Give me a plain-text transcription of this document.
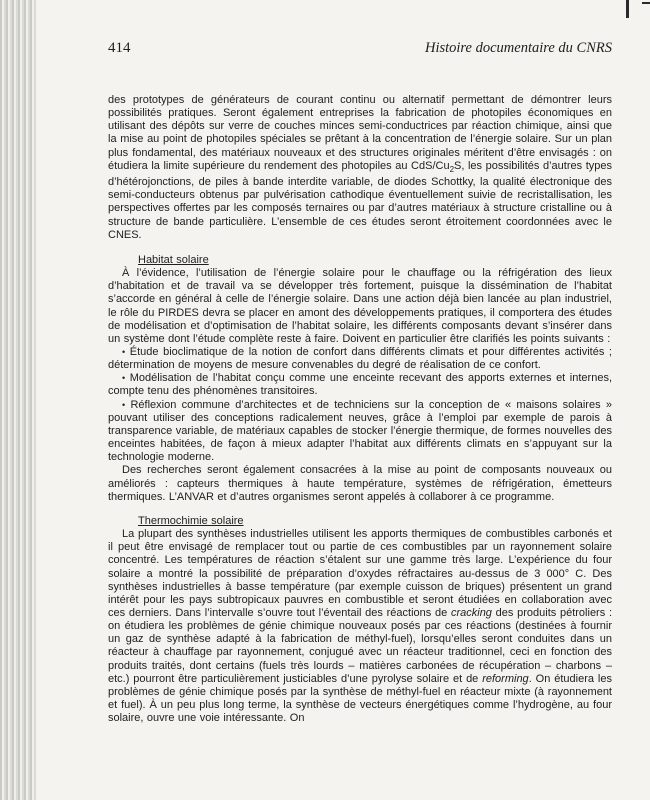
414	Histoire documentaire du CNRS

des prototypes de générateurs de courant continu ou alternatif permettant de démontrer leurs possibilités pratiques. Seront également entreprises la fabrication de photopiles économiques en utilisant des dépôts sur verre de couches minces semi-conductrices par réaction chimique, ainsi que la mise au point de photopiles spéciales se prêtant à la concentration de l’énergie solaire. Sur un plan plus fondamental, des matériaux nouveaux et des structures originales méritent d’être envisagés : on étudiera la limite supérieure du rendement des photopiles au CdS/$Cu_2S$, les possibilités d’autres types d’hétérojonctions, de piles à bande interdite variable, de diodes Schottky, la qualité électronique des semi-conducteurs obtenus par pulvérisation cathodique éventuellement suivie de recristallisation, les perspectives offertes par les composés ternaires ou par d’autres matériaux à structure cristalline ou à structure de bande particulière. L’ensemble de ces études seront étroitement coordonnées avec le CNES.

Habitat solaire

À l’évidence, l’utilisation de l’énergie solaire pour le chauffage ou la réfrigération des lieux d’habitation et de travail va se développer très fortement, puisque la dissémination de l’habitat s’accorde en général à celle de l’énergie solaire. Dans une action déjà bien lancée au plan industriel, le rôle du PIRDES devra se placer en amont des développements pratiques, il comportera des études de modélisation et d’optimisation de l’habitat solaire, les différents composants devant s’insérer dans un système dont l’étude complète reste à faire. Doivent en particulier être clarifiés les points suivants :

• Étude bioclimatique de la notion de confort dans différents climats et pour différentes activités ; détermination de moyens de mesure convenables du degré de réalisation de ce confort.

• Modélisation de l’habitat conçu comme une enceinte recevant des apports externes et internes, compte tenu des phénomènes transitoires.

• Réflexion commune d’architectes et de techniciens sur la conception de « maisons solaires » pouvant utiliser des conceptions radicalement neuves, grâce à l’emploi par exemple de parois à transparence variable, de matériaux capables de stocker l’énergie thermique, de formes nouvelles des enceintes habitées, de façon à mieux adapter l’habitat aux différents climats en s’appuyant sur la technologie moderne.

Des recherches seront également consacrées à la mise au point de composants nouveaux ou améliorés : capteurs thermiques à haute température, systèmes de réfrigération, émetteurs thermiques. L’ANVAR et d’autres organismes seront appelés à collaborer à ce programme.

Thermochimie solaire

La plupart des synthèses industrielles utilisent les apports thermiques de combustibles carbonés et il peut être envisagé de remplacer tout ou partie de ces combustibles par un rayonnement solaire concentré. Les températures de réaction s’étalent sur une gamme très large. L’expérience du four solaire a montré la possibilité de préparation d’oxydes réfractaires au-dessus de 3 000° C. Des synthèses industrielles à basse température (par exemple cuisson de briques) présentent un grand intérêt pour les pays subtropicaux pauvres en combustible et seront étudiées en collaboration avec ces derniers. Dans l’intervalle s’ouvre tout l’éventail des réactions de cracking des produits pétroliers : on étudiera les problèmes de génie chimique nouveaux posés par ces réactions (destinées à fournir un gaz de synthèse adapté à la fabrication de méthyl-fuel), lorsqu’elles seront conduites dans un réacteur à chauffage par rayonnement, conjugué avec un réacteur traditionnel, ceci en fonction des produits traités, dont certains (fuels très lourds – matières carbonées de récupération – charbons – etc.) pourront être particulièrement justiciables d’une pyrolyse solaire et de reforming. On étudiera les problèmes de génie chimique posés par la synthèse de méthyl-fuel en réacteur mixte (à rayonnement et fuel). À un peu plus long terme, la synthèse de vecteurs énergétiques comme l’hydrogène, au four solaire, ouvre une voie intéressante. On
